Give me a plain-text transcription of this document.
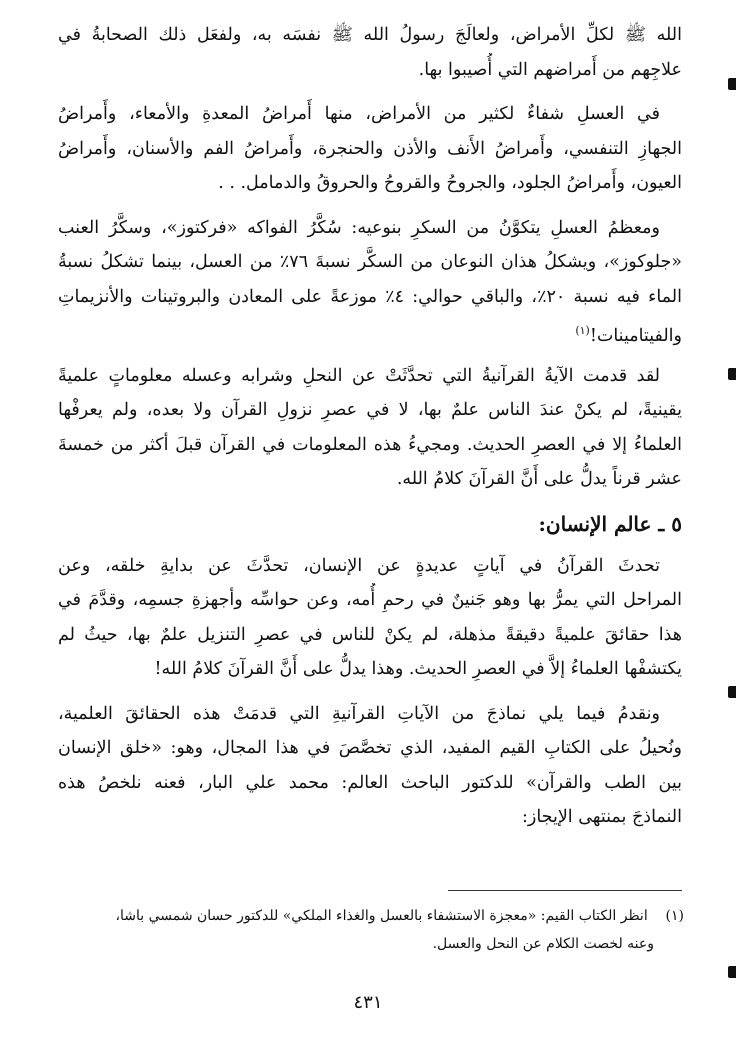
الله ﷺ لكلِّ الأمراض، ولعالَجَ رسولُ الله ﷺ نفسَه به، ولفعَل ذلك الصحابةُ في
علاجِهم من أَمراضهم التي أُصيبوا بها.
في العسلِ شفاءٌ لكثير من الأمراض، منها أَمراضُ المعدةِ والأمعاء، وأَمراضُ
الجهازِ التنفسي، وأَمراضُ الأَنف والأذن والحنجرة، وأَمراضُ الفم والأسنان، وأَمراضُ
العيون، وأَمراضُ الجلود، والجروحُ والقروحُ والحروقُ والدمامل. . .
ومعظمُ العسلِ يتكوَّنُ من السكرِ بنوعيه: سُكَّرُ الفواكه «فركتوز»، وسكَّرُ العنب
«جلوكوز»، ويشكلُ هذان النوعان من السكَّر نسبةَ ٧٦٪ من العسل، بينما تشكلُ نسبةُ
الماء فيه نسبة ٢٠٪، والباقي حوالي: ٤٪ موزعةً على المعادن والبروتينات والأنزيماتِ
والفيتامينات!$^{(١)}$
لقد قدمت الآيةُ القرآنيةُ التي تحدَّثَتْ عن النحلِ وشرابه وعسله معلوماتٍ علميةً
يقينيةً، لم يكنْ عندَ الناس علمٌ بها، لا في عصرِ نزولِ القرآن ولا بعده، ولم يعرفْها
العلماءُ إلا في العصرِ الحديث. ومجيءُ هذه المعلومات في القرآن قبلَ أكثر من خمسةَ
عشر قرناً يدلُّ على أَنَّ القرآنَ كلامُ الله.
٥ ـ عالم الإنسان:
تحدثَ القرآنُ في آياتٍ عديدةٍ عن الإنسان، تحدَّثَ عن بدايةِ خلقه، وعن
المراحل التي يمرُّ بها وهو جَنينٌ في رحمِ أُمه، وعن حواسِّه وأجهزةِ جسمِه، وقدَّمَ في
هذا حقائقَ علميةً دقيقةً مذهلة، لم يكنْ للناس في عصرِ التنزيل علمٌ بها، حيثُ لم
يكتشفْها العلماءُ إلاَّ في العصرِ الحديث. وهذا يدلُّ على أَنَّ القرآنَ كلامُ الله!
ونقدمُ فيما يلي نماذجَ من الآياتِ القرآنيةِ التي قدمَتْ هذه الحقائقَ العلمية،
ونُحيلُ على الكتابِ القيم المفيد، الذي تخصَّصَ في هذا المجال، وهو: «خلق الإنسان
بين الطب والقرآن» للدكتور الباحث العالم: محمد علي البار، فعنه نلخصُ هذه
النماذجَ بمنتهى الإيجاز:
(١)    انظر الكتاب القيم: «معجزة الاستشفاء بالعسل والغذاء الملكي» للدكتور حسان شمسي باشا،
وعنه لخصت الكلام عن النحل والعسل.
٤٣١
